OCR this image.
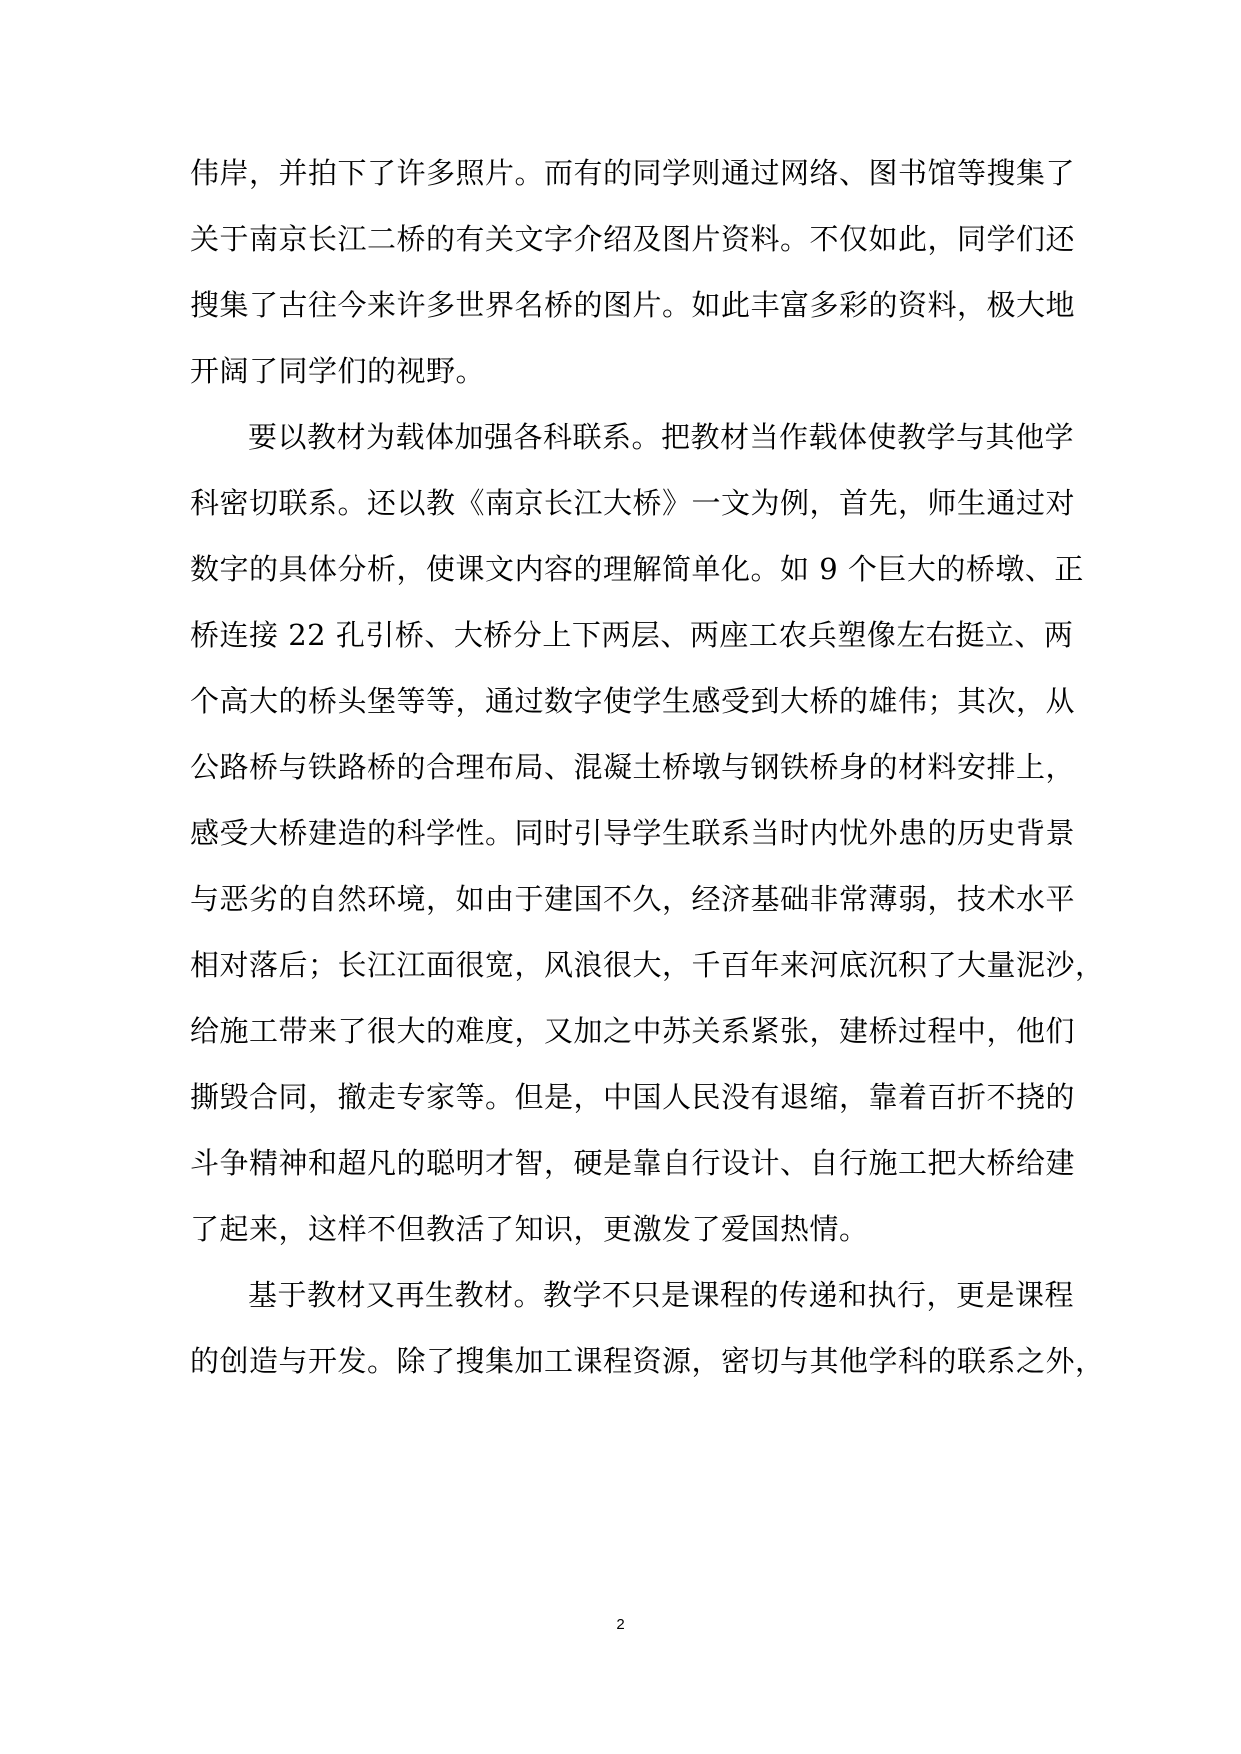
伟岸，并拍下了许多照片。而有的同学则通过网络、图书馆等搜集了
关于南京长江二桥的有关文字介绍及图片资料。不仅如此，同学们还
搜集了古往今来许多世界名桥的图片。如此丰富多彩的资料，极大地
开阔了同学们的视野。
要以教材为载体加强各科联系。把教材当作载体使教学与其他学
科密切联系。还以教《南京长江大桥》一文为例，首先，师生通过对
数字的具体分析，使课文内容的理解简单化。如 9 个巨大的桥墩、正
桥连接 22 孔引桥、大桥分上下两层、两座工农兵塑像左右挺立、两
个高大的桥头堡等等，通过数字使学生感受到大桥的雄伟；其次，从
公路桥与铁路桥的合理布局、混凝土桥墩与钢铁桥身的材料安排上，
感受大桥建造的科学性。同时引导学生联系当时内忧外患的历史背景
与恶劣的自然环境，如由于建国不久，经济基础非常薄弱，技术水平
相对落后；长江江面很宽，风浪很大，千百年来河底沉积了大量泥沙，
给施工带来了很大的难度，又加之中苏关系紧张，建桥过程中，他们
撕毁合同，撤走专家等。但是，中国人民没有退缩，靠着百折不挠的
斗争精神和超凡的聪明才智，硬是靠自行设计、自行施工把大桥给建
了起来，这样不但教活了知识，更激发了爱国热情。
基于教材又再生教材。教学不只是课程的传递和执行，更是课程
的创造与开发。除了搜集加工课程资源，密切与其他学科的联系之外，
2
